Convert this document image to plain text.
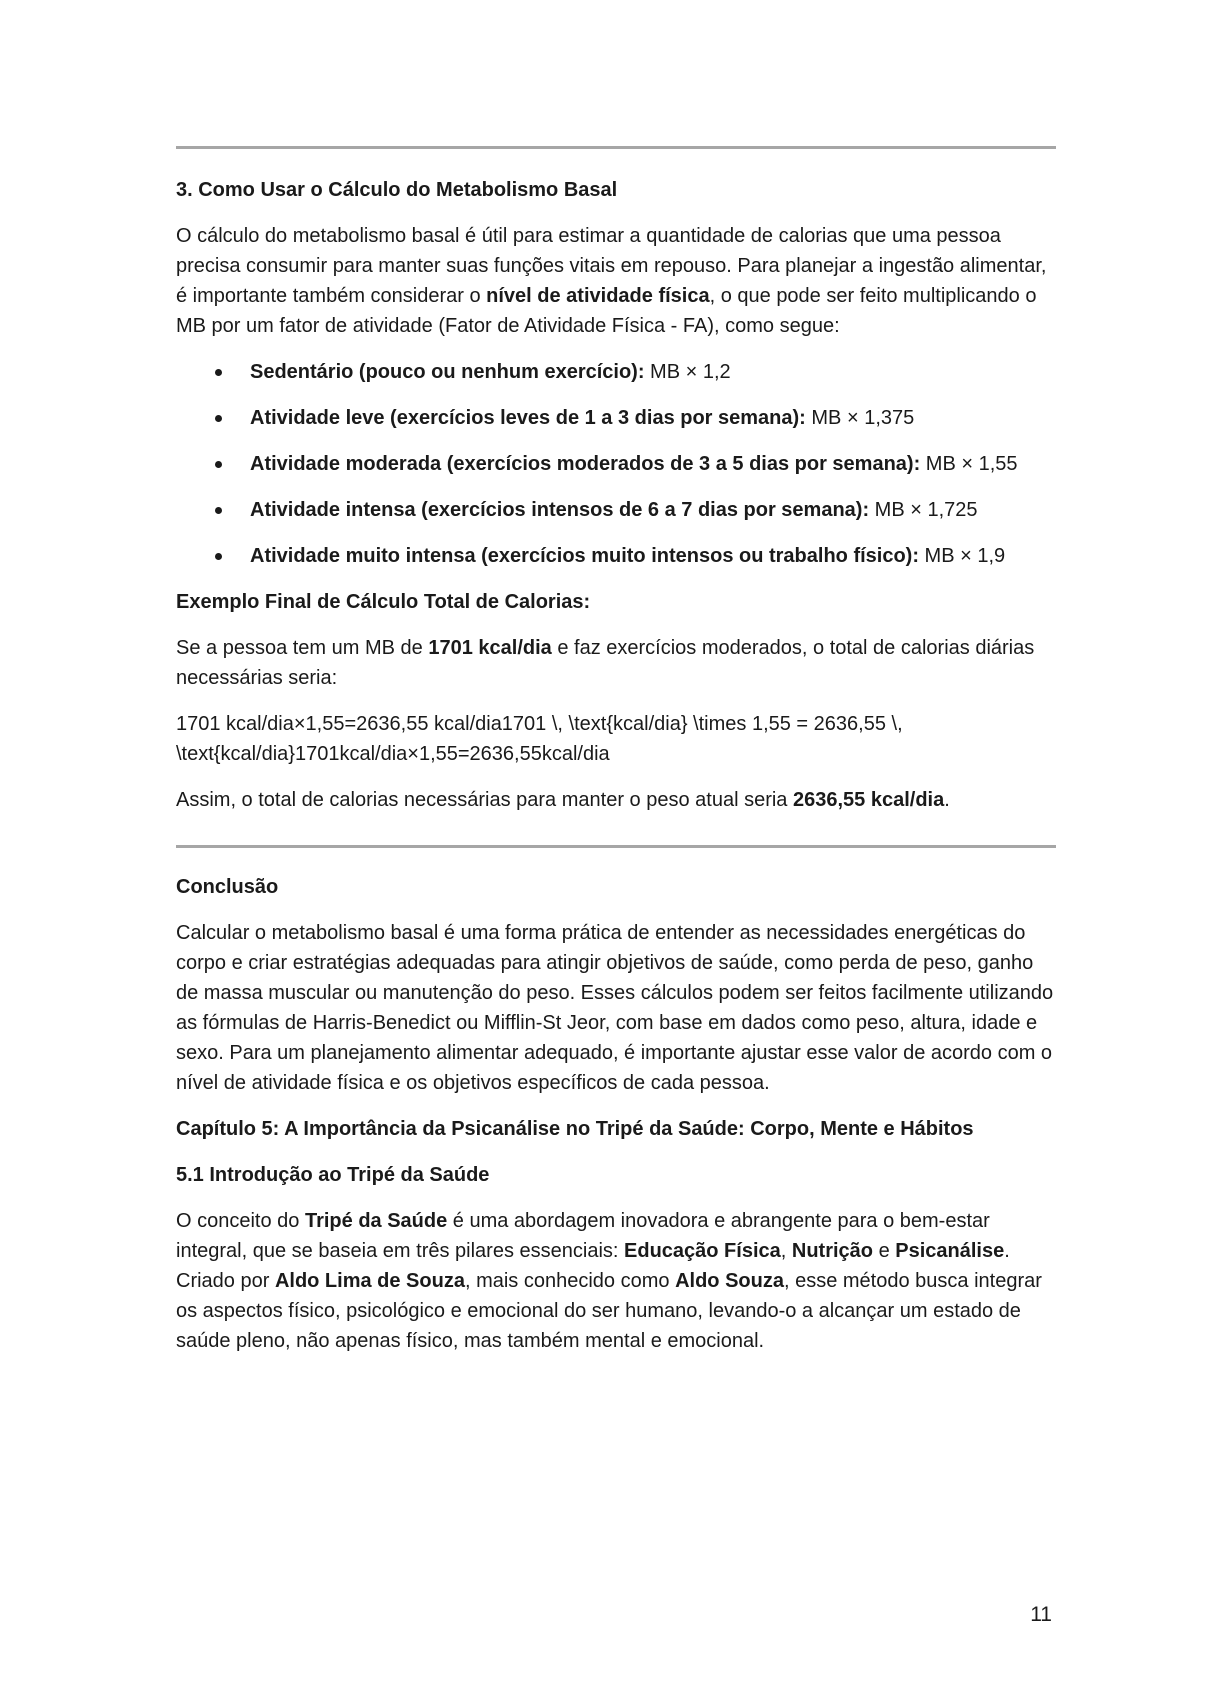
3. Como Usar o Cálculo do Metabolismo Basal

O cálculo do metabolismo basal é útil para estimar a quantidade de calorias que uma pessoa precisa consumir para manter suas funções vitais em repouso. Para planejar a ingestão alimentar, é importante também considerar o nível de atividade física, o que pode ser feito multiplicando o MB por um fator de atividade (Fator de Atividade Física - FA), como segue:

Sedentário (pouco ou nenhum exercício): MB × 1,2
Atividade leve (exercícios leves de 1 a 3 dias por semana): MB × 1,375
Atividade moderada (exercícios moderados de 3 a 5 dias por semana): MB × 1,55
Atividade intensa (exercícios intensos de 6 a 7 dias por semana): MB × 1,725
Atividade muito intensa (exercícios muito intensos ou trabalho físico): MB × 1,9
Exemplo Final de Cálculo Total de Calorias:

Se a pessoa tem um MB de 1701 kcal/dia e faz exercícios moderados, o total de calorias diárias necessárias seria:

1701 kcal/dia×1,55=2636,55 kcal/dia1701 \, \text{kcal/dia} \times 1,55 = 2636,55 \, \text{kcal/dia}1701kcal/dia×1,55=2636,55kcal/dia

Assim, o total de calorias necessárias para manter o peso atual seria 2636,55 kcal/dia.

Conclusão

Calcular o metabolismo basal é uma forma prática de entender as necessidades energéticas do corpo e criar estratégias adequadas para atingir objetivos de saúde, como perda de peso, ganho de massa muscular ou manutenção do peso. Esses cálculos podem ser feitos facilmente utilizando as fórmulas de Harris-Benedict ou Mifflin-St Jeor, com base em dados como peso, altura, idade e sexo. Para um planejamento alimentar adequado, é importante ajustar esse valor de acordo com o nível de atividade física e os objetivos específicos de cada pessoa.

Capítulo 5: A Importância da Psicanálise no Tripé da Saúde: Corpo, Mente e Hábitos
5.1 Introdução ao Tripé da Saúde

O conceito do Tripé da Saúde é uma abordagem inovadora e abrangente para o bem-estar integral, que se baseia em três pilares essenciais: Educação Física, Nutrição e Psicanálise. Criado por Aldo Lima de Souza, mais conhecido como Aldo Souza, esse método busca integrar os aspectos físico, psicológico e emocional do ser humano, levando-o a alcançar um estado de saúde pleno, não apenas físico, mas também mental e emocional.

11
